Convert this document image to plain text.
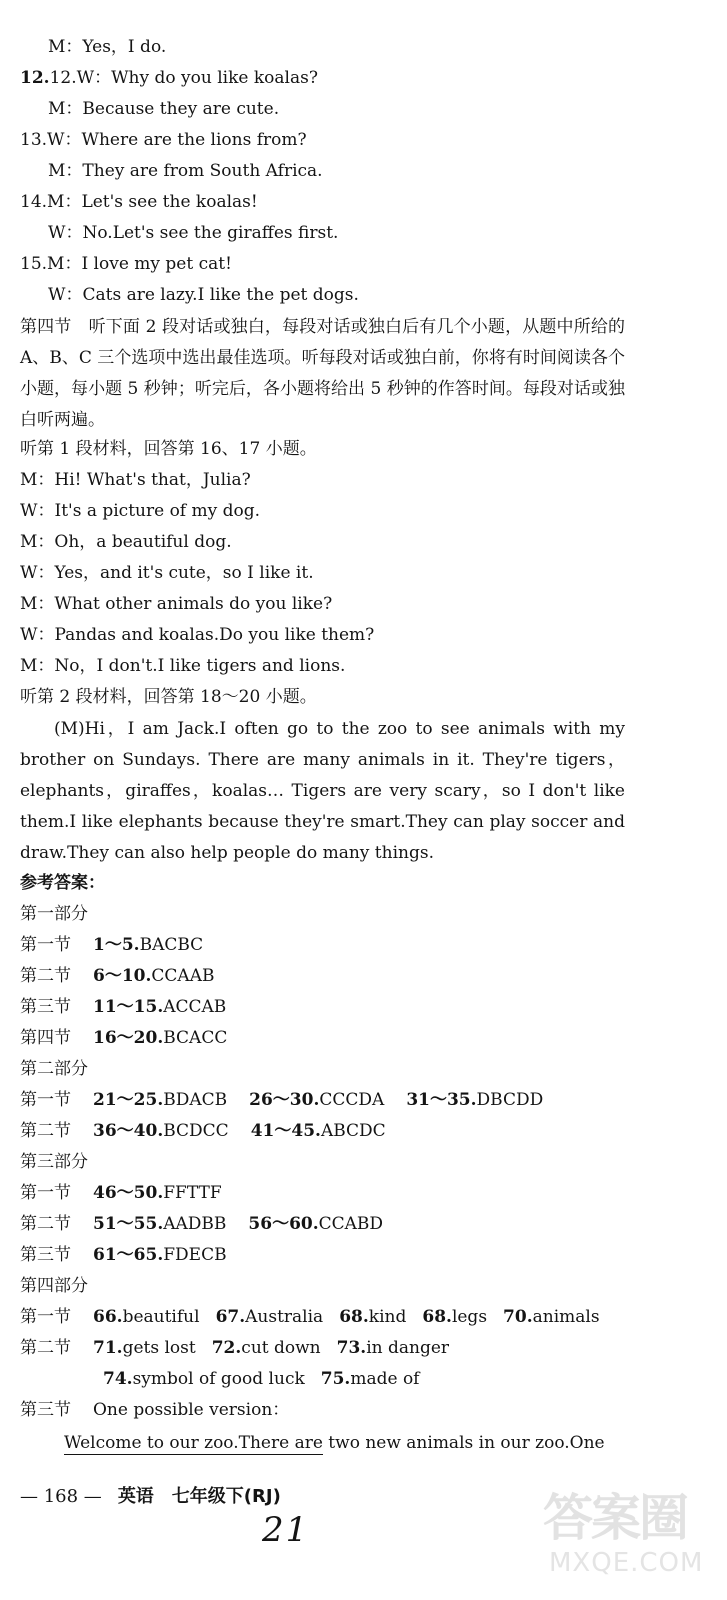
M：Yes，I do.
12.12.W：Why do you like koalas?
M：Because they are cute.
13.W：Where are the lions from?
M：They are from South Africa.
14.M：Let's see the koalas!
W：No.Let's see the giraffes first.
15.M：I love my pet cat!
W：Cats are lazy.I like the pet dogs.
第四节　听下面 2 段对话或独白，每段对话或独白后有几个小题，从题中所给的 A、B、C 三个选项中选出最佳选项。听每段对话或独白前，你将有时间阅读各个小题，每小题 5 秒钟；听完后，各小题将给出 5 秒钟的作答时间。每段对话或独白听两遍。
听第 1 段材料，回答第 16、17 小题。
M：Hi! What's that，Julia?
W：It's a picture of my dog.
M：Oh，a beautiful dog.
W：Yes，and it's cute，so I like it.
M：What other animals do you like?
W：Pandas and koalas.Do you like them?
M：No，I don't.I like tigers and lions.
听第 2 段材料，回答第 18～20 小题。
(M)Hi，I am Jack.I often go to the zoo to see animals with my brother on Sundays. There are many animals in it. They're tigers，elephants，giraffes，koalas… Tigers are very scary，so I don't like them.I like elephants because they're smart.They can play soccer and draw.They can also help people do many things.
参考答案：
第一部分
第一节 1～5.BACBC
第二节 6～10.CCAAB
第三节 11～15.ACCAB
第四节 16～20.BCACC
第二部分
第一节 21～25.BDACB 26～30.CCCDA 31～35.DBCDD
第二节 36～40.BCDCC 41～45.ABCDC
第三部分
第一节 46～50.FFTTF
第二节 51～55.AADBB 56～60.CCABD
第三节 61～65.FDECB
第四部分
第一节 66.beautiful 67.Australia 68.kind 68.legs 70.animals
第二节 71.gets lost 72.cut down 73.in danger
74.symbol of good luck 75.made of
第三节 One possible version：
Welcome to our zoo.There are two new animals in our zoo.One
— 168 — 英语　七年级下(RJ)
21	答案圈
MXQE.COM
